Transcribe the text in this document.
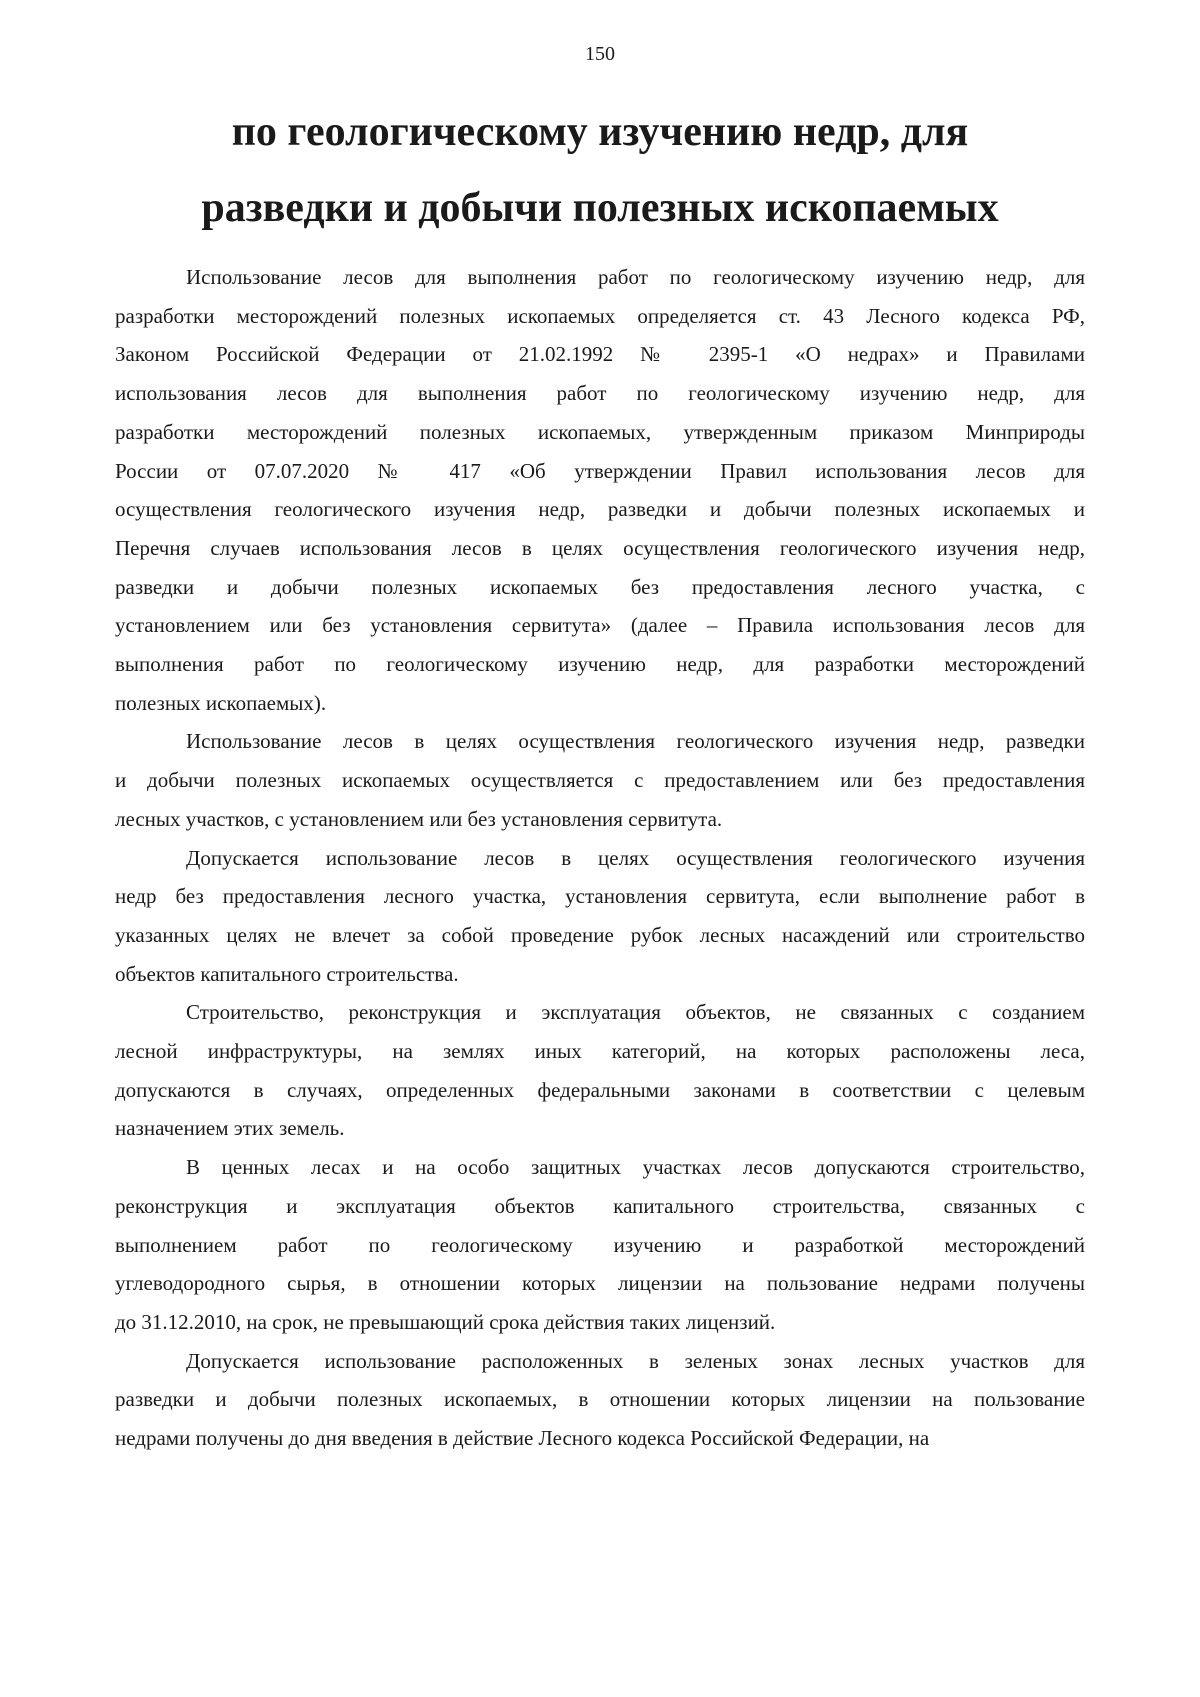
150
по геологическому изучению недр, для
разведки и добычи полезных ископаемых

Использование лесов для выполнения работ по геологическому изучению недр, для
разработки месторождений полезных ископаемых определяется ст. 43 Лесного кодекса РФ,
Законом Российской Федерации от 21.02.1992 № 2395-1 «О недрах» и Правилами
использования лесов для выполнения работ по геологическому изучению недр, для
разработки месторождений полезных ископаемых, утвержденным приказом Минприроды
России от 07.07.2020 № 417 «Об утверждении Правил использования лесов для
осуществления геологического изучения недр, разведки и добычи полезных ископаемых и
Перечня случаев использования лесов в целях осуществления геологического изучения недр,
разведки и добычи полезных ископаемых без предоставления лесного участка, с
установлением или без установления сервитута» (далее – Правила использования лесов для
выполнения работ по геологическому изучению недр, для разработки месторождений
полезных ископаемых).

Использование лесов в целях осуществления геологического изучения недр, разведки
и добычи полезных ископаемых осуществляется с предоставлением или без предоставления
лесных участков, с установлением или без установления сервитута.

Допускается использование лесов в целях осуществления геологического изучения
недр без предоставления лесного участка, установления сервитута, если выполнение работ в
указанных целях не влечет за собой проведение рубок лесных насаждений или строительство
объектов капитального строительства.

Строительство, реконструкция и эксплуатация объектов, не связанных с созданием
лесной инфраструктуры, на землях иных категорий, на которых расположены леса,
допускаются в случаях, определенных федеральными законами в соответствии с целевым
назначением этих земель.

В ценных лесах и на особо защитных участках лесов допускаются строительство,
реконструкция и эксплуатация объектов капитального строительства, связанных с
выполнением работ по геологическому изучению и разработкой месторождений
углеводородного сырья, в отношении которых лицензии на пользование недрами получены
до 31.12.2010, на срок, не превышающий срока действия таких лицензий.

Допускается использование расположенных в зеленых зонах лесных участков для
разведки и добычи полезных ископаемых, в отношении которых лицензии на пользование
недрами получены до дня введения в действие Лесного кодекса Российской Федерации, на
